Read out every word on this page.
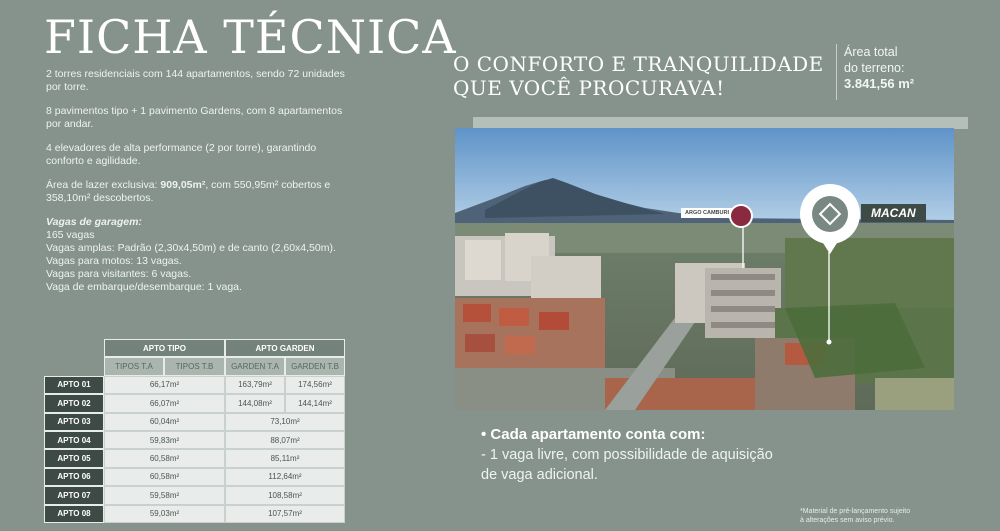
FICHA TÉCNICA

2 torres residenciais com 144 apartamentos, sendo 72 unidades por torre.

8 pavimentos tipo + 1 pavimento Gardens, com 8 apartamentos por andar.

4 elevadores de alta performance (2 por torre), garantindo conforto e agilidade.

Área de lazer exclusiva: 909,05m², com 550,95m² cobertos e 358,10m² descobertos.

Vagas de garagem:
165 vagas
Vagas amplas: Padrão (2,30x4,50m) e de canto (2,60x4,50m).
Vagas para motos: 13 vagas.
Vagas para visitantes: 6 vagas.
Vaga de embarque/desembarque: 1 vaga.
	APTO TIPO		APTO GARDEN	
	TIPOS T.A	TIPOS T.B	GARDEN T.A	GARDEN T.B
APTO 01	66,17m²		163,79m²	174,56m²
APTO 02	66,07m²		144,08m²	144,14m²
APTO 03	60,04m²		73,10m²	
APTO 04	59,83m²		88,07m²	
APTO 05	60,58m²		85,11m²	
APTO 06	60,58m²		112,64m²	
APTO 07	59,58m²		108,58m²	
APTO 08	59,03m²		107,57m²	
O CONFORTO E TRANQUILIDADE
QUE VOCÊ PROCURAVA!
Área total
do terreno:
3.841,56 m²
ARGO CAMBURI	MACAN
• Cada apartamento conta com:
- 1 vaga livre, com possibilidade de aquisição
de vaga adicional.
*Material de pré-lançamento sujeito
à alterações sem aviso prévio.
